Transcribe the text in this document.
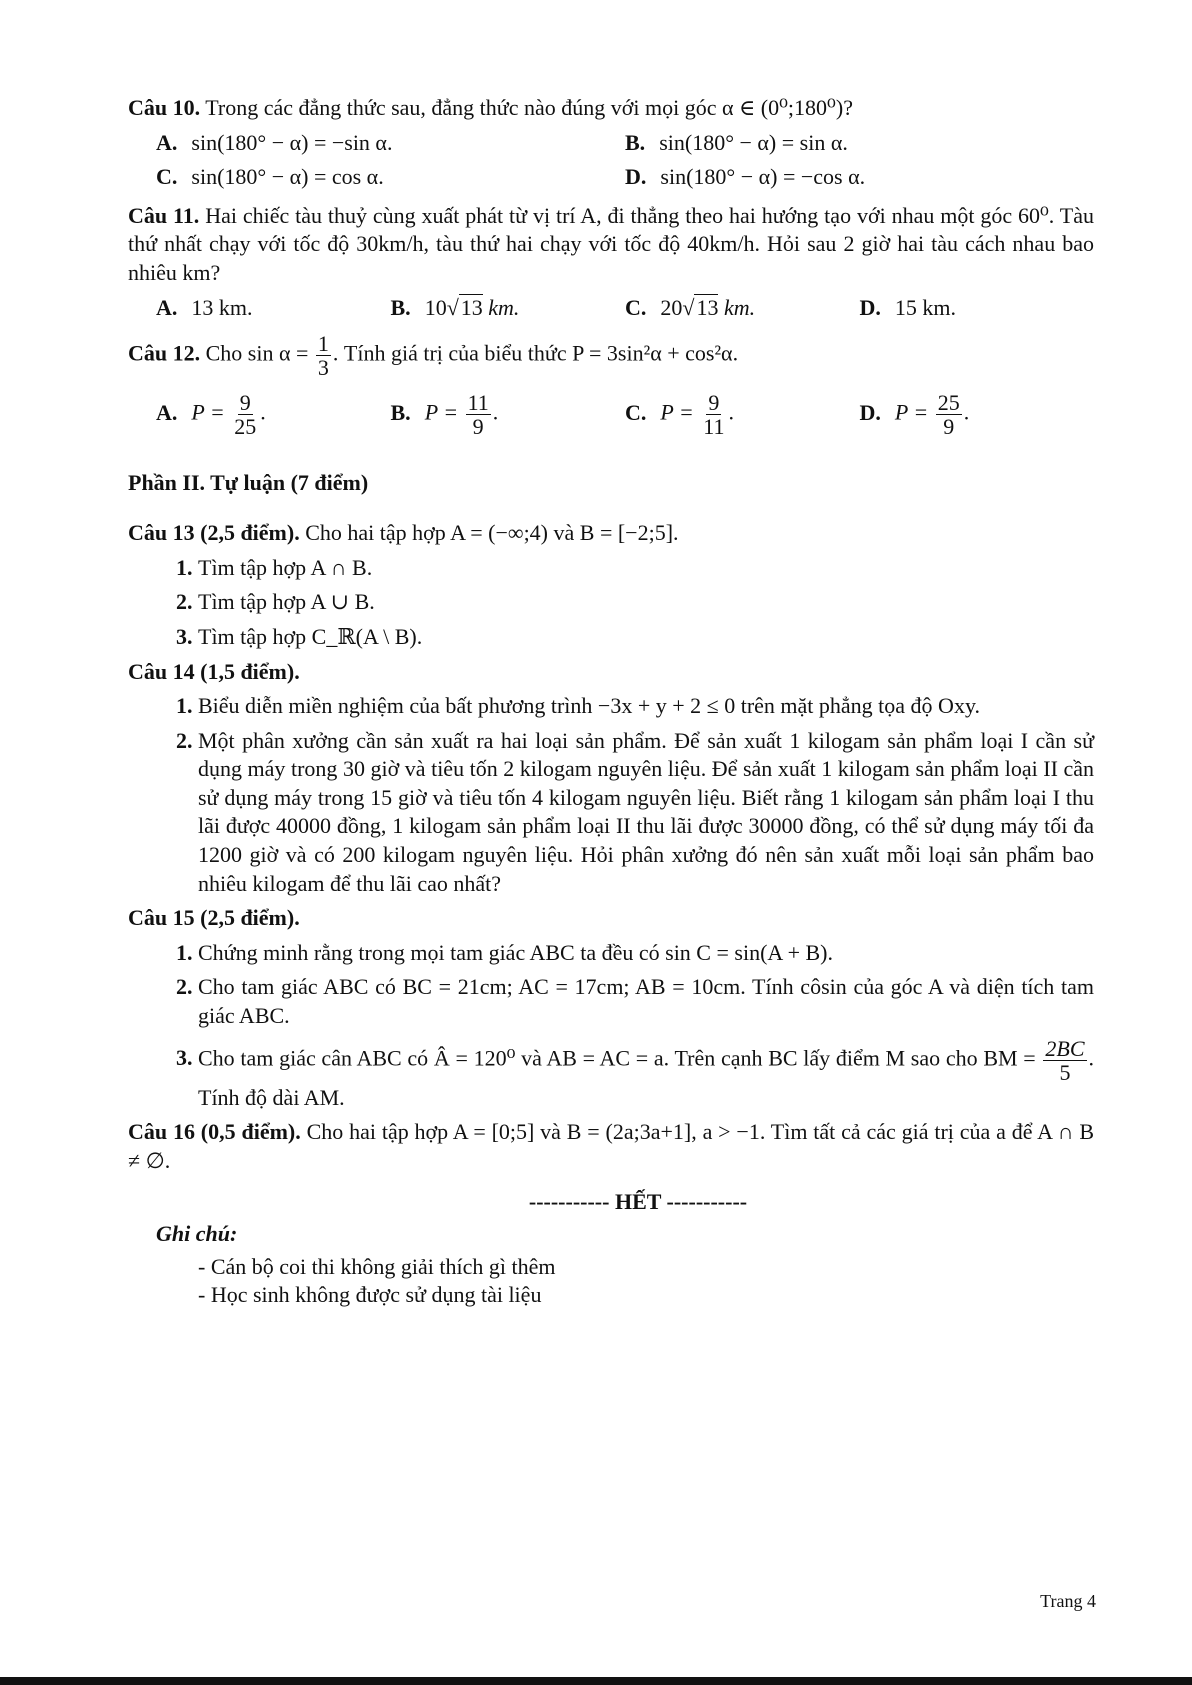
Câu 10. Trong các đẳng thức sau, đẳng thức nào đúng với mọi góc α ∈ (0⁰;180⁰)?

A. sin(180° − α) = −sin α.	B. sin(180° − α) = sin α.
C. sin(180° − α) = cos α.	D. sin(180° − α) = −cos α.

Câu 11. Hai chiếc tàu thuỷ cùng xuất phát từ vị trí A, đi thẳng theo hai hướng tạo với nhau một góc 60⁰. Tàu thứ nhất chạy với tốc độ 30km/h, tàu thứ hai chạy với tốc độ 40km/h. Hỏi sau 2 giờ hai tàu cách nhau bao nhiêu km?

A. 13 km.	B. 10√13 km.	C. 20√13 km.	D. 15 km.

Câu 12. Cho $\sin \alpha = \frac{1}{3}$ . Tính giá trị của biểu thức P = 3sin²α + cos²α.

A. $P = \frac{9}{25}$ .	B. $P = \frac{11}{9}$ .	C. $P = \frac{9}{11}$ .	D. $P = \frac{25}{9}$ .
Phần II. Tự luận (7 điểm)

Câu 13 (2,5 điểm). Cho hai tập hợp A = (−∞;4) và B = [−2;5].

1. Tìm tập hợp A ∩ B.
2. Tìm tập hợp A ∪ B.
3. Tìm tập hợp C_ℝ(A \ B).

Câu 14 (1,5 điểm).

1. Biểu diễn miền nghiệm của bất phương trình −3x + y + 2 ≤ 0 trên mặt phẳng tọa độ Oxy.
2. Một phân xưởng cần sản xuất ra hai loại sản phẩm. Để sản xuất 1 kilogam sản phẩm loại I cần sử dụng máy trong 30 giờ và tiêu tốn 2 kilogam nguyên liệu. Để sản xuất 1 kilogam sản phẩm loại II cần sử dụng máy trong 15 giờ và tiêu tốn 4 kilogam nguyên liệu. Biết rằng 1 kilogam sản phẩm loại I thu lãi được 40000 đồng, 1 kilogam sản phẩm loại II thu lãi được 30000 đồng, có thể sử dụng máy tối đa 1200 giờ và có 200 kilogam nguyên liệu. Hỏi phân xưởng đó nên sản xuất mỗi loại sản phẩm bao nhiêu kilogam để thu lãi cao nhất?

Câu 15 (2,5 điểm).

1. Chứng minh rằng trong mọi tam giác ABC ta đều có sin C = sin(A + B).
2. Cho tam giác ABC có BC = 21cm; AC = 17cm; AB = 10cm. Tính côsin của góc A và diện tích tam giác ABC.
3. Cho tam giác cân ABC có Â = 120⁰ và AB = AC = a. Trên cạnh BC lấy điểm M sao cho BM = $\frac{2BC}{5}$ . Tính độ dài AM.

Câu 16 (0,5 điểm). Cho hai tập hợp A = [0;5] và B = (2a;3a+1], a > −1. Tìm tất cả các giá trị của a để A ∩ B ≠ ∅.

----------- HẾT -----------
Ghi chú:
- Cán bộ coi thi không giải thích gì thêm
- Học sinh không được sử dụng tài liệu
Trang 4
